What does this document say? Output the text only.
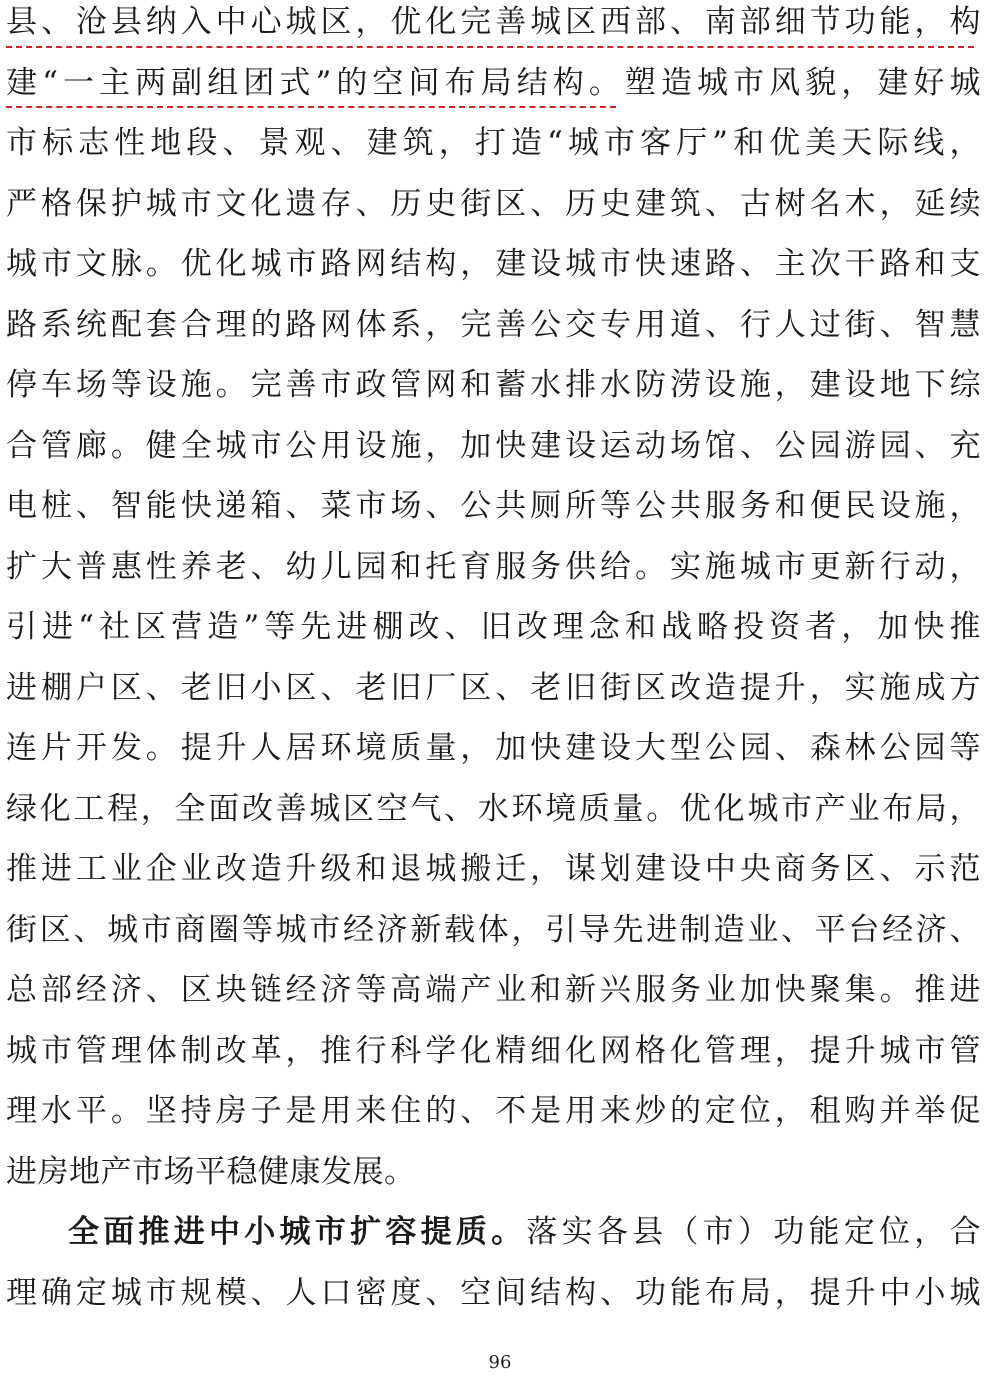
县、沧县纳入中心城区，优化完善城区西部、南部细节功能，构
建“一主两副组团式”的空间布局结构。塑造城市风貌，建好城
市标志性地段、景观、建筑，打造“城市客厅”和优美天际线，
严格保护城市文化遗存、历史街区、历史建筑、古树名木，延续
城市文脉。优化城市路网结构，建设城市快速路、主次干路和支
路系统配套合理的路网体系，完善公交专用道、行人过街、智慧
停车场等设施。完善市政管网和蓄水排水防涝设施，建设地下综
合管廊。健全城市公用设施，加快建设运动场馆、公园游园、充
电桩、智能快递箱、菜市场、公共厕所等公共服务和便民设施，
扩大普惠性养老、幼儿园和托育服务供给。实施城市更新行动，
引进“社区营造”等先进棚改、旧改理念和战略投资者，加快推
进棚户区、老旧小区、老旧厂区、老旧街区改造提升，实施成方
连片开发。提升人居环境质量，加快建设大型公园、森林公园等
绿化工程，全面改善城区空气、水环境质量。优化城市产业布局，
推进工业企业改造升级和退城搬迁，谋划建设中央商务区、示范
街区、城市商圈等城市经济新载体，引导先进制造业、平台经济、
总部经济、区块链经济等高端产业和新兴服务业加快聚集。推进
城市管理体制改革，推行科学化精细化网格化管理，提升城市管
理水平。坚持房子是用来住的、不是用来炒的定位，租购并举促
进房地产市场平稳健康发展。
全面推进中小城市扩容提质。落实各县（市）功能定位，合
理确定城市规模、人口密度、空间结构、功能布局，提升中小城
96
